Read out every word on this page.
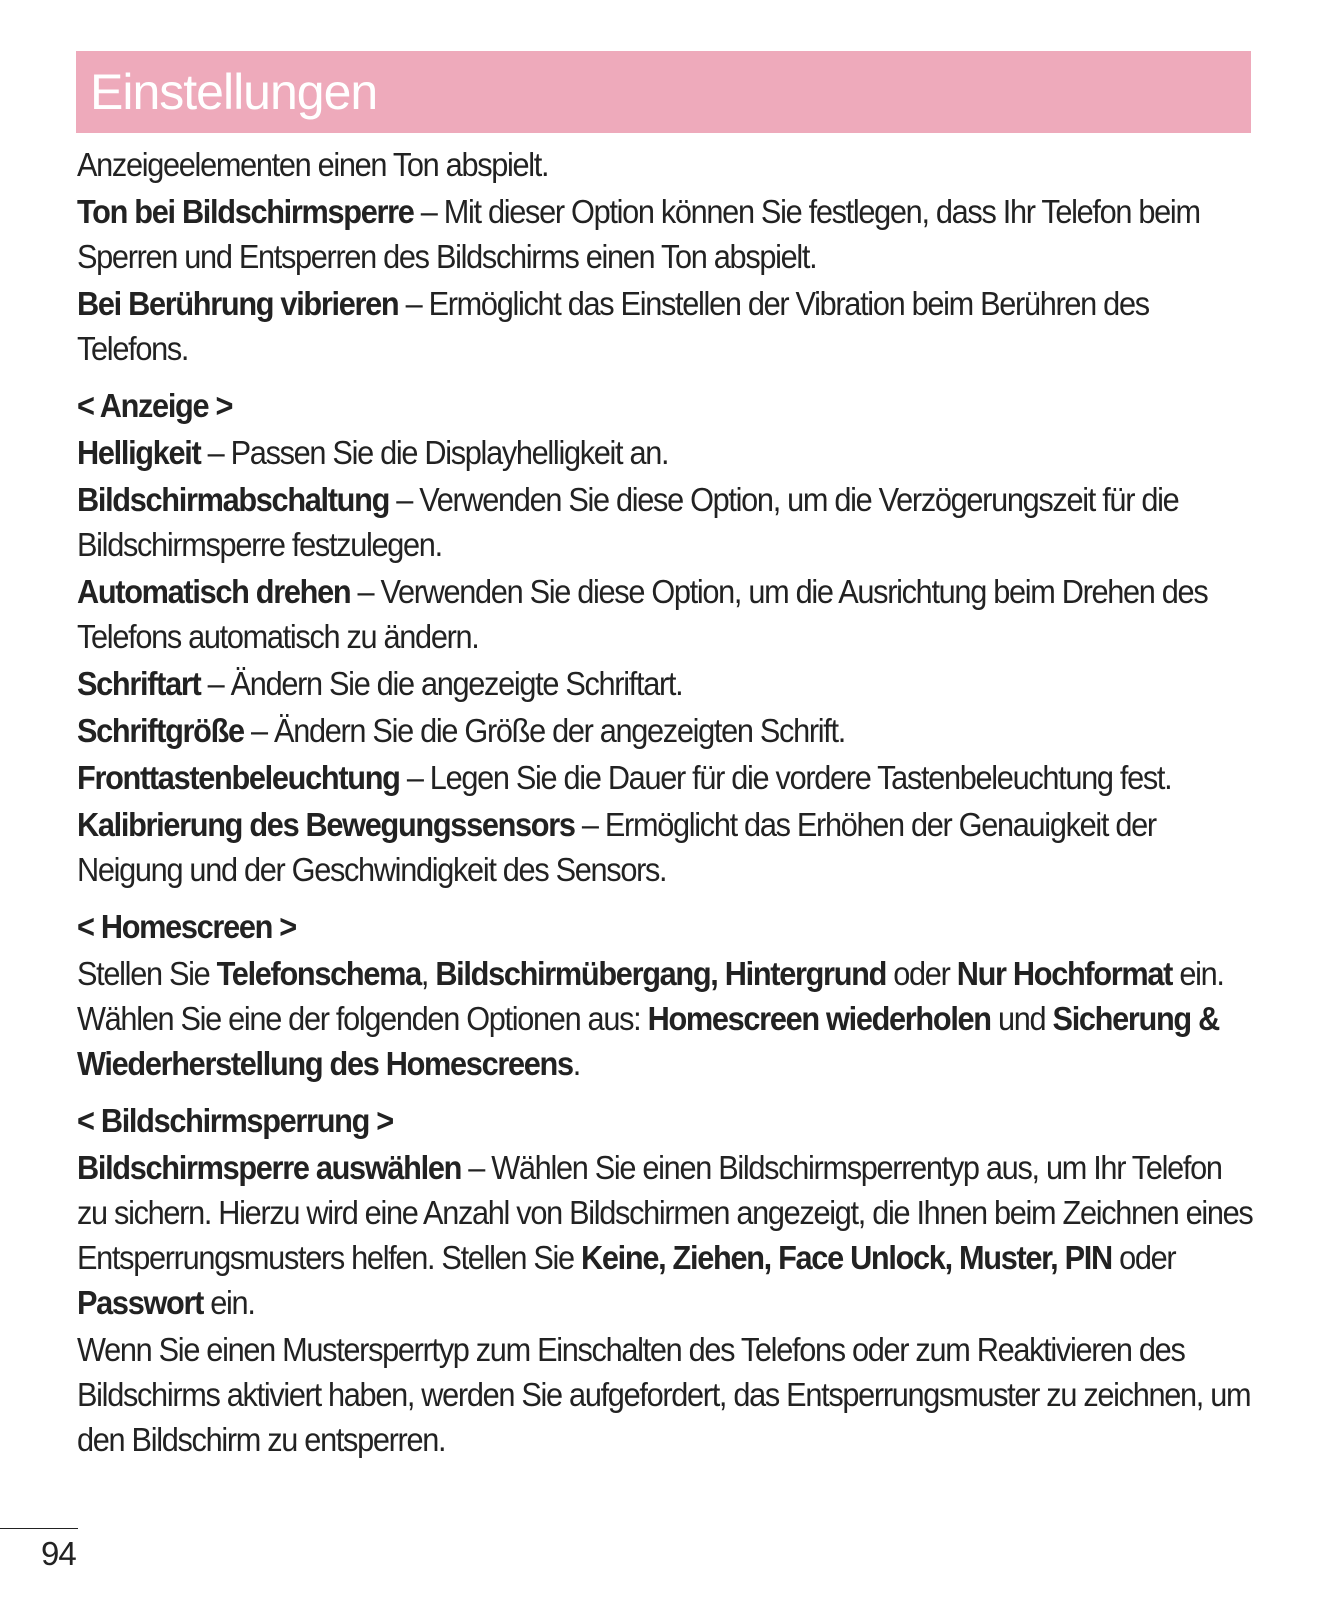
Einstellungen

Anzeigeelementen einen Ton abspielt.

Ton bei Bildschirmsperre – Mit dieser Option können Sie festlegen, dass Ihr Telefon beim Sperren und Entsperren des Bildschirms einen Ton abspielt.

Bei Berührung vibrieren – Ermöglicht das Einstellen der Vibration beim Berühren des Telefons.

< Anzeige >

Helligkeit – Passen Sie die Displayhelligkeit an.

Bildschirmabschaltung – Verwenden Sie diese Option, um die Verzögerungszeit für die Bildschirmsperre festzulegen.

Automatisch drehen – Verwenden Sie diese Option, um die Ausrichtung beim Drehen des Telefons automatisch zu ändern.

Schriftart – Ändern Sie die angezeigte Schriftart.

Schriftgröße – Ändern Sie die Größe der angezeigten Schrift.

Fronttastenbeleuchtung – Legen Sie die Dauer für die vordere Tastenbeleuchtung fest.

Kalibrierung des Bewegungssensors – Ermöglicht das Erhöhen der Genauigkeit der Neigung und der Geschwindigkeit des Sensors.

< Homescreen >

Stellen Sie Telefonschema, Bildschirmübergang, Hintergrund oder Nur Hochformat ein. Wählen Sie eine der folgenden Optionen aus: Homescreen wiederholen und Sicherung & Wiederherstellung des Homescreens.

< Bildschirmsperrung >

Bildschirmsperre auswählen – Wählen Sie einen Bildschirmsperrentyp aus, um Ihr Telefon zu sichern. Hierzu wird eine Anzahl von Bildschirmen angezeigt, die Ihnen beim Zeichnen eines Entsperrungsmusters helfen. Stellen Sie Keine, Ziehen, Face Unlock, Muster, PIN oder Passwort ein.

Wenn Sie einen Mustersperrtyp zum Einschalten des Telefons oder zum Reaktivieren des Bildschirms aktiviert haben, werden Sie aufgefordert, das Entsperrungsmuster zu zeichnen, um den Bildschirm zu entsperren.

94
